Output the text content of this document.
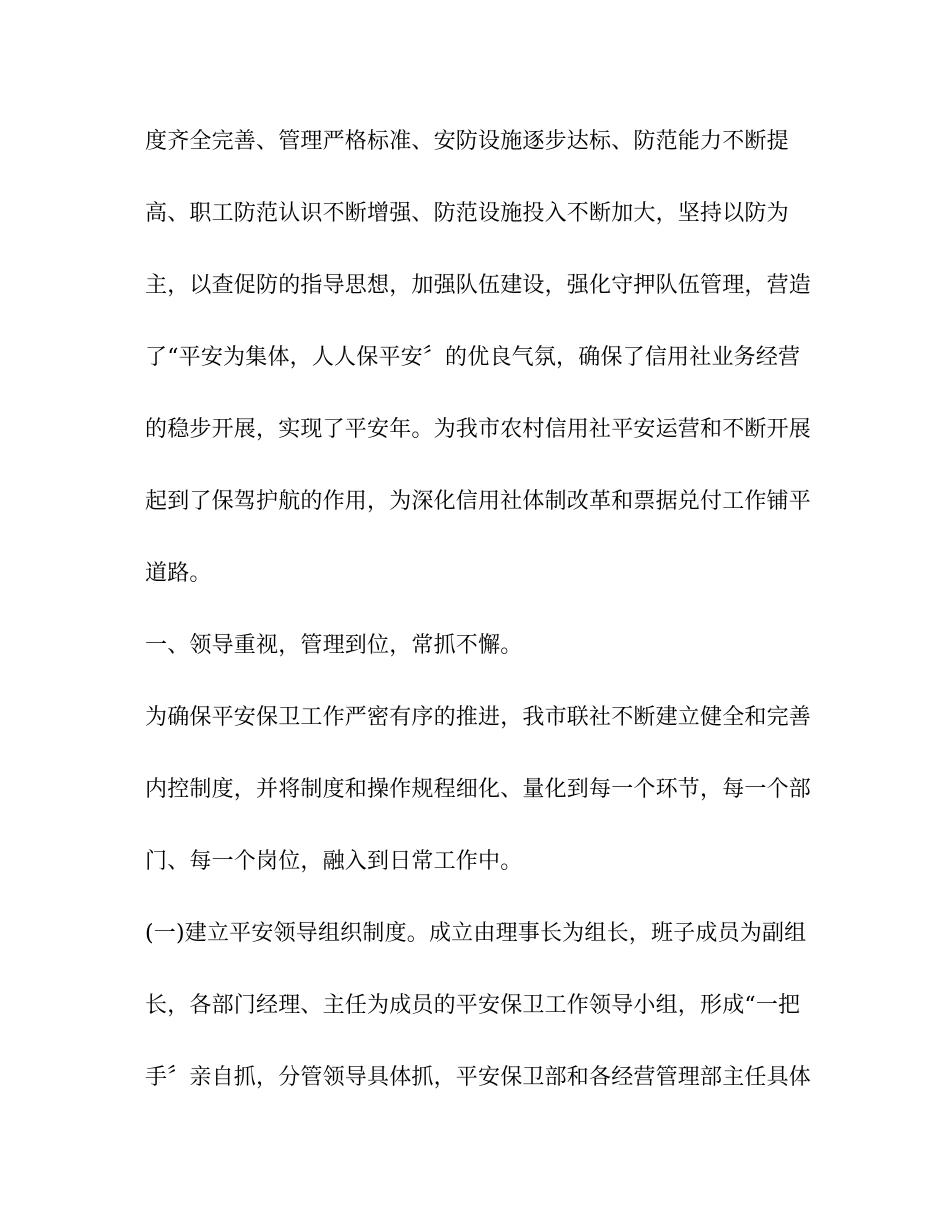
度齐全完善、管理严格标准、安防设施逐步达标、防范能力不断提
高、职工防范认识不断增强、防范设施投入不断加大，坚持以防为
主，以查促防的指导思想，加强队伍建设，强化守押队伍管理，营造
了“平安为集体，人人保平安〞的优良气氛，确保了信用社业务经营
的稳步开展，实现了平安年。为我市农村信用社平安运营和不断开展
起到了保驾护航的作用，为深化信用社体制改革和票据兑付工作铺平
道路。
一、领导重视，管理到位，常抓不懈。
为确保平安保卫工作严密有序的推进，我市联社不断建立健全和完善
内控制度，并将制度和操作规程细化、量化到每一个环节，每一个部
门、每一个岗位，融入到日常工作中。
(一)建立平安领导组织制度。成立由理事长为组长，班子成员为副组
长，各部门经理、主任为成员的平安保卫工作领导小组，形成“一把
手〞亲自抓，分管领导具体抓，平安保卫部和各经营管理部主任具体
